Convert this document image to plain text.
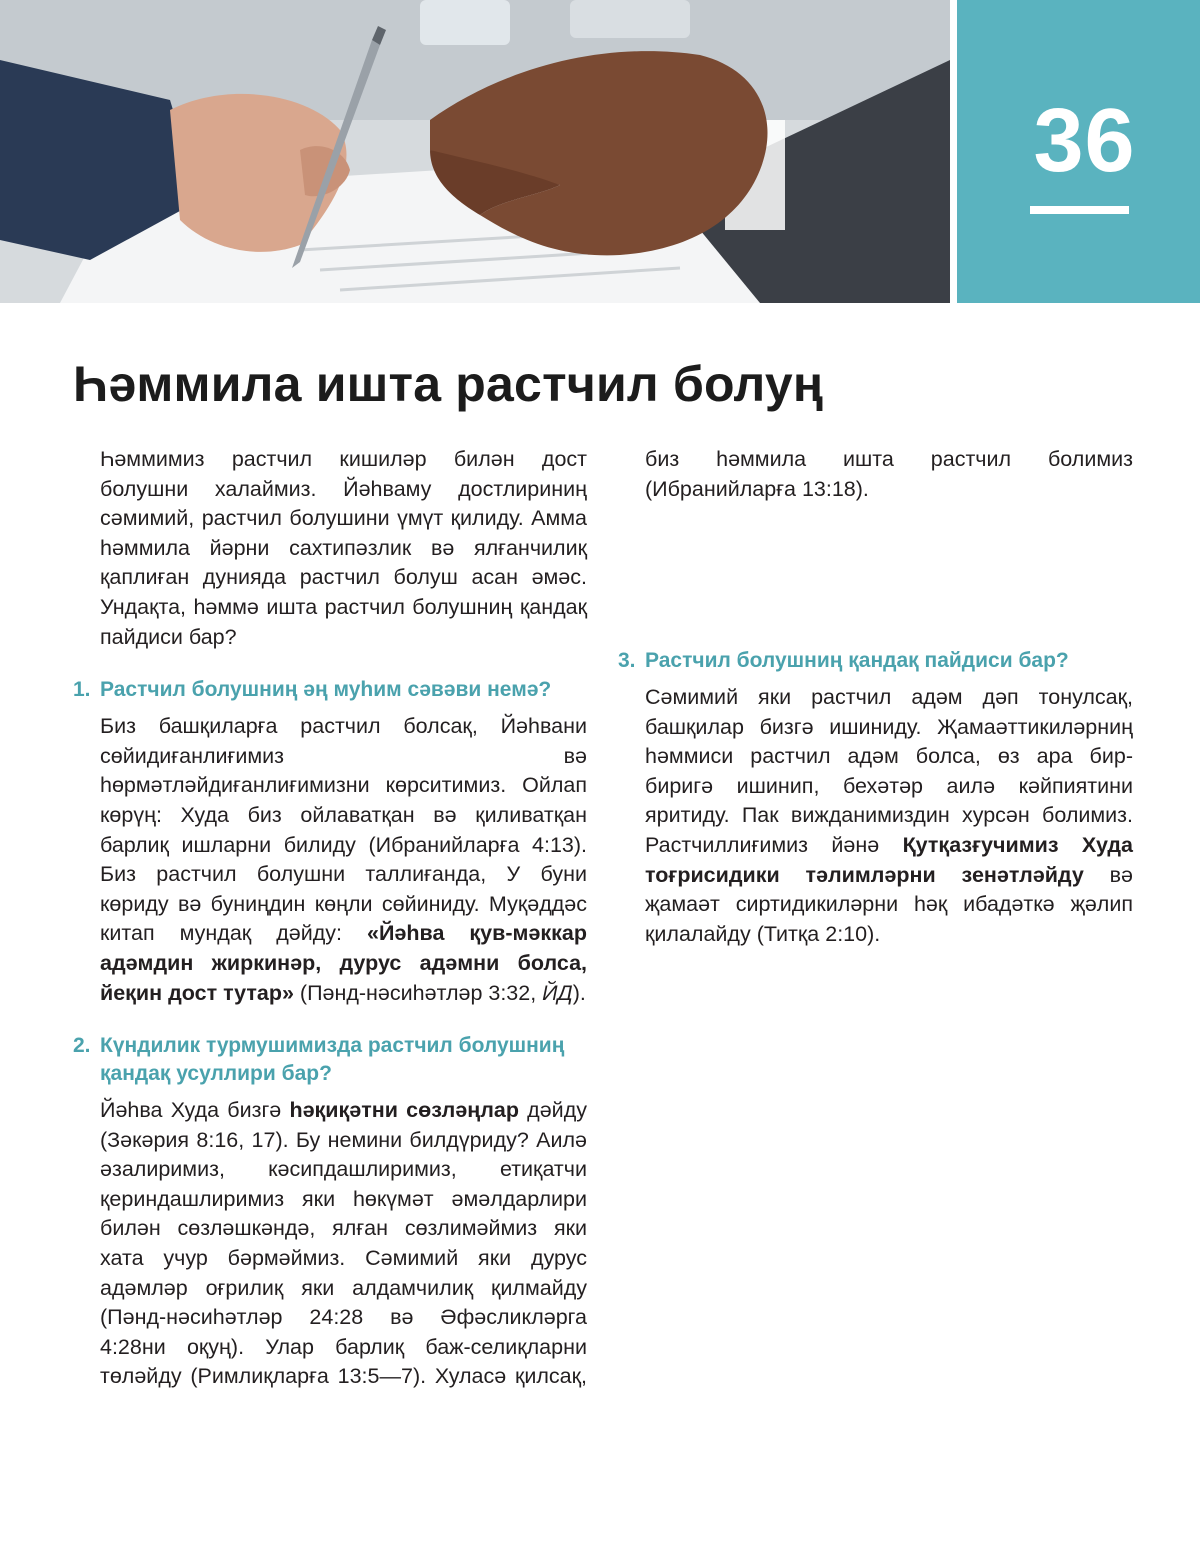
36
Һәммила ишта растчил болуң

Һәммимиз растчил кишиләр билән дост болушни халаймиз. Йәһваму достлириниң сәмимий, растчил болушини үмүт қилиду. Амма һәммила йәрни сахтипәзлик вә ялғанчилиқ қаплиған дунияда растчил болуш асан әмәс. Ундақта, һәммә ишта растчил болушниң қандақ пайдиси бар?

1. Растчил болушниң әң муһим сәвәви немә?

Биз башқиларға растчил болсақ, Йәһвани сөйидиғанлиғимиз вә һөрмәтләйдиғанлиғимизни көрситимиз. Ойлап көрүң: Худа биз ойлаватқан вә қиливатқан барлиқ ишларни билиду (Ибранийларға 4:13). Биз растчил болушни таллиғанда, У буни көриду вә буниңдин көңли сөйиниду. Муқәддәс китап мундақ дәйду: «Йәһва қув-мәккар адәмдин жиркинәр, дурус адәмни болса, йеқин дост тутар» (Пәнд-нәсиһәтләр 3:32, ЙД).

2. Күндилик турмушимизда растчил болушниң қандақ усуллири бар?

Йәһва Худа бизгә һәқиқәтни сөзләңлар дәйду (Зәкәрия 8:16, 17). Бу немини билдүриду? Аилә әзалиримиз, кәсипдашлиримиз, етиқатчи қериндашлиримиз яки һөкүмәт әмәлдарлири билән сөзләшкәндә, ялған сөзлимәймиз яки хата учур бәрмәймиз. Сәмимий яки дурус адәмләр оғрилиқ яки алдамчилиқ қилмайду (Пәнд-нәсиһәтләр 24:28 вә Әфәсликләрга 4:28ни оқуң). Улар барлиқ баж-селиқларни төләйду (Римлиқларға 13:5—7). Хуласә қилсақ,

биз һәммила ишта растчил болимиз (Ибранийларға 13:18).

3. Растчил болушниң қандақ пайдиси бар?

Сәмимий яки растчил адәм дәп тонулсақ, башқилар бизгә ишиниду. Җамаәттикиләрниң һәммиси растчил адәм болса, өз ара бир-биригә ишинип, бехәтәр аилә кәйпиятини яритиду. Пак вижданимиздин хурсән болимиз. Растчиллиғимиз йәнә Қутқазғучимиз Худа тоғрисидики тәлимләрни зенәтләйду вә җамаәт сиртидикиләрни һәқ ибадәткә җәлип қилалайду (Титқа 2:10).
